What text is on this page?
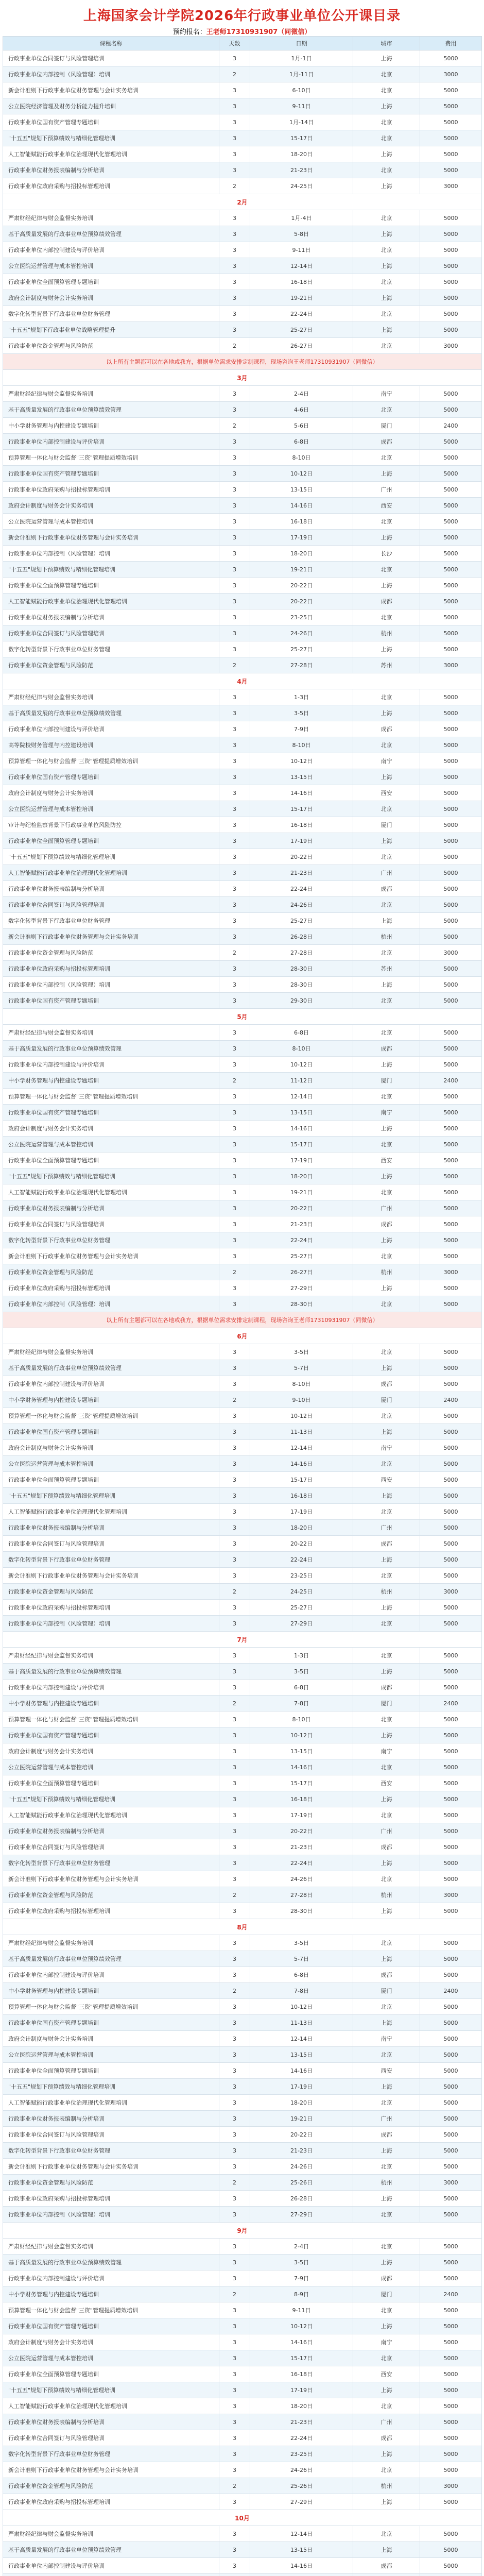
上海国家会计学院2026年行政事业单位公开课目录
预约报名：王老师17310931907（同微信）
课程名称	天数	日期	城市	费用
行政事业单位合同签订与风险管理培训	3	1月-1日	上海	5000
行政事业单位内部控制（风险管理）培训	2	1月-11日	北京	3000
新会计准则下行政事业单位财务管理与会计实务培训	3	6-10日	北京	5000
公立医院经济管理及财务分析能力提升培训	3	9-11日	上海	5000
行政事业单位国有资产管理专题培训	3	1月-14日	北京	5000
"十五五"规划下预算绩效与精细化管理培训	3	15-17日	北京	5000
人工智能赋能行政事业单位治理现代化管理培训	3	18-20日	上海	5000
行政事业单位财务报表编制与分析培训	3	21-23日	北京	5000
行政事业单位政府采购与招投标管理培训	2	24-25日	上海	3000
2月				
严肃财经纪律与财会监督实务培训	3	1月-4日	北京	5000
基于高质量发展的行政事业单位预算绩效管理	3	5-8日	上海	5000
行政事业单位内部控制建设与评价培训	3	9-11日	北京	5000
公立医院运营管理与成本管控培训	3	12-14日	上海	5000
行政事业单位全面预算管理专题培训	3	16-18日	北京	5000
政府会计制度与财务会计实务培训	3	19-21日	上海	5000
数字化转型背景下行政事业单位财务管理	3	22-24日	北京	5000
"十五五"规划下行政事业单位战略管理提升	3	25-27日	上海	5000
行政事业单位资金管理与风险防范	2	26-27日	北京	3000
以上所有主题都可以在各地或我方，根据单位需求安排定制课程，现场咨询王老师17310931907（同微信）				
3月				
严肃财经纪律与财会监督实务培训	3	2-4日	南宁	5000
基于高质量发展的行政事业单位预算绩效管理	3	4-6日	北京	5000
中小学财务管理与内控建设专题培训	2	5-6日	厦门	2400
行政事业单位内部控制建设与评价培训	3	6-8日	成都	5000
预算管理一体化与财会监督"三资"管理提质增效培训	3	8-10日	北京	5000
行政事业单位国有资产管理专题培训	3	10-12日	上海	5000
行政事业单位政府采购与招投标管理培训	3	13-15日	广州	5000
政府会计制度与财务会计实务培训	3	14-16日	西安	5000
公立医院运营管理与成本管控培训	3	16-18日	北京	5000
新会计准则下行政事业单位财务管理与会计实务培训	3	17-19日	上海	5000
行政事业单位内部控制（风险管理）培训	3	18-20日	长沙	5000
"十五五"规划下预算绩效与精细化管理培训	3	19-21日	北京	5000
行政事业单位全面预算管理专题培训	3	20-22日	上海	5000
人工智能赋能行政事业单位治理现代化管理培训	3	20-22日	成都	5000
行政事业单位财务报表编制与分析培训	3	23-25日	北京	5000
行政事业单位合同签订与风险管理培训	3	24-26日	杭州	5000
数字化转型背景下行政事业单位财务管理	3	25-27日	上海	5000
行政事业单位资金管理与风险防范	2	27-28日	苏州	3000
4月				
严肃财经纪律与财会监督实务培训	3	1-3日	北京	5000
基于高质量发展的行政事业单位预算绩效管理	3	3-5日	上海	5000
行政事业单位内部控制建设与评价培训	3	7-9日	成都	5000
高等院校财务管理与内控建设培训	3	8-10日	北京	5000
预算管理一体化与财会监督"三资"管理提质增效培训	3	10-12日	南宁	5000
行政事业单位国有资产管理专题培训	3	13-15日	上海	5000
政府会计制度与财务会计实务培训	3	14-16日	西安	5000
公立医院运营管理与成本管控培训	3	15-17日	北京	5000
审计与纪检监察背景下行政事业单位风险防控	3	16-18日	厦门	5000
行政事业单位全面预算管理专题培训	3	17-19日	上海	5000
"十五五"规划下预算绩效与精细化管理培训	3	20-22日	北京	5000
人工智能赋能行政事业单位治理现代化管理培训	3	21-23日	广州	5000
行政事业单位财务报表编制与分析培训	3	22-24日	成都	5000
行政事业单位合同签订与风险管理培训	3	24-26日	北京	5000
数字化转型背景下行政事业单位财务管理	3	25-27日	上海	5000
新会计准则下行政事业单位财务管理与会计实务培训	3	26-28日	杭州	5000
行政事业单位资金管理与风险防范	2	27-28日	北京	3000
行政事业单位政府采购与招投标管理培训	3	28-30日	苏州	5000
行政事业单位内部控制（风险管理）培训	3	28-30日	上海	5000
行政事业单位国有资产管理专题培训	3	29-30日	北京	5000
5月				
严肃财经纪律与财会监督实务培训	3	6-8日	北京	5000
基于高质量发展的行政事业单位预算绩效管理	3	8-10日	成都	5000
行政事业单位内部控制建设与评价培训	3	10-12日	上海	5000
中小学财务管理与内控建设专题培训	2	11-12日	厦门	2400
预算管理一体化与财会监督"三资"管理提质增效培训	3	12-14日	北京	5000
行政事业单位国有资产管理专题培训	3	13-15日	南宁	5000
政府会计制度与财务会计实务培训	3	14-16日	上海	5000
公立医院运营管理与成本管控培训	3	15-17日	北京	5000
行政事业单位全面预算管理专题培训	3	17-19日	西安	5000
"十五五"规划下预算绩效与精细化管理培训	3	18-20日	上海	5000
人工智能赋能行政事业单位治理现代化管理培训	3	19-21日	北京	5000
行政事业单位财务报表编制与分析培训	3	20-22日	广州	5000
行政事业单位合同签订与风险管理培训	3	21-23日	成都	5000
数字化转型背景下行政事业单位财务管理	3	22-24日	上海	5000
新会计准则下行政事业单位财务管理与会计实务培训	3	25-27日	北京	5000
行政事业单位资金管理与风险防范	2	26-27日	杭州	3000
行政事业单位政府采购与招投标管理培训	3	27-29日	上海	5000
行政事业单位内部控制（风险管理）培训	3	28-30日	北京	5000
以上所有主题都可以在各地或我方，根据单位需求安排定制课程，现场咨询王老师17310931907（同微信）				
6月				
严肃财经纪律与财会监督实务培训	3	3-5日	北京	5000
基于高质量发展的行政事业单位预算绩效管理	3	5-7日	上海	5000
行政事业单位内部控制建设与评价培训	3	8-10日	成都	5000
中小学财务管理与内控建设专题培训	2	9-10日	厦门	2400
预算管理一体化与财会监督"三资"管理提质增效培训	3	10-12日	北京	5000
行政事业单位国有资产管理专题培训	3	11-13日	上海	5000
政府会计制度与财务会计实务培训	3	12-14日	南宁	5000
公立医院运营管理与成本管控培训	3	14-16日	北京	5000
行政事业单位全面预算管理专题培训	3	15-17日	西安	5000
"十五五"规划下预算绩效与精细化管理培训	3	16-18日	上海	5000
人工智能赋能行政事业单位治理现代化管理培训	3	17-19日	北京	5000
行政事业单位财务报表编制与分析培训	3	18-20日	广州	5000
行政事业单位合同签订与风险管理培训	3	20-22日	成都	5000
数字化转型背景下行政事业单位财务管理	3	22-24日	上海	5000
新会计准则下行政事业单位财务管理与会计实务培训	3	23-25日	北京	5000
行政事业单位资金管理与风险防范	2	24-25日	杭州	3000
行政事业单位政府采购与招投标管理培训	3	25-27日	上海	5000
行政事业单位内部控制（风险管理）培训	3	27-29日	北京	5000
7月				
严肃财经纪律与财会监督实务培训	3	1-3日	北京	5000
基于高质量发展的行政事业单位预算绩效管理	3	3-5日	上海	5000
行政事业单位内部控制建设与评价培训	3	6-8日	成都	5000
中小学财务管理与内控建设专题培训	2	7-8日	厦门	2400
预算管理一体化与财会监督"三资"管理提质增效培训	3	8-10日	北京	5000
行政事业单位国有资产管理专题培训	3	10-12日	上海	5000
政府会计制度与财务会计实务培训	3	13-15日	南宁	5000
公立医院运营管理与成本管控培训	3	14-16日	北京	5000
行政事业单位全面预算管理专题培训	3	15-17日	西安	5000
"十五五"规划下预算绩效与精细化管理培训	3	16-18日	上海	5000
人工智能赋能行政事业单位治理现代化管理培训	3	17-19日	北京	5000
行政事业单位财务报表编制与分析培训	3	20-22日	广州	5000
行政事业单位合同签订与风险管理培训	3	21-23日	成都	5000
数字化转型背景下行政事业单位财务管理	3	22-24日	上海	5000
新会计准则下行政事业单位财务管理与会计实务培训	3	24-26日	北京	5000
行政事业单位资金管理与风险防范	2	27-28日	杭州	3000
行政事业单位政府采购与招投标管理培训	3	28-30日	上海	5000
8月				
严肃财经纪律与财会监督实务培训	3	3-5日	北京	5000
基于高质量发展的行政事业单位预算绩效管理	3	5-7日	上海	5000
行政事业单位内部控制建设与评价培训	3	6-8日	成都	5000
中小学财务管理与内控建设专题培训	2	7-8日	厦门	2400
预算管理一体化与财会监督"三资"管理提质增效培训	3	10-12日	北京	5000
行政事业单位国有资产管理专题培训	3	11-13日	上海	5000
政府会计制度与财务会计实务培训	3	12-14日	南宁	5000
公立医院运营管理与成本管控培训	3	13-15日	北京	5000
行政事业单位全面预算管理专题培训	3	14-16日	西安	5000
"十五五"规划下预算绩效与精细化管理培训	3	17-19日	上海	5000
人工智能赋能行政事业单位治理现代化管理培训	3	18-20日	北京	5000
行政事业单位财务报表编制与分析培训	3	19-21日	广州	5000
行政事业单位合同签订与风险管理培训	3	20-22日	成都	5000
数字化转型背景下行政事业单位财务管理	3	21-23日	上海	5000
新会计准则下行政事业单位财务管理与会计实务培训	3	24-26日	北京	5000
行政事业单位资金管理与风险防范	2	25-26日	杭州	3000
行政事业单位政府采购与招投标管理培训	3	26-28日	上海	5000
行政事业单位内部控制（风险管理）培训	3	27-29日	北京	5000
9月				
严肃财经纪律与财会监督实务培训	3	2-4日	北京	5000
基于高质量发展的行政事业单位预算绩效管理	3	3-5日	上海	5000
行政事业单位内部控制建设与评价培训	3	7-9日	成都	5000
中小学财务管理与内控建设专题培训	2	8-9日	厦门	2400
预算管理一体化与财会监督"三资"管理提质增效培训	3	9-11日	北京	5000
行政事业单位国有资产管理专题培训	3	10-12日	上海	5000
政府会计制度与财务会计实务培训	3	14-16日	南宁	5000
公立医院运营管理与成本管控培训	3	15-17日	北京	5000
行政事业单位全面预算管理专题培训	3	16-18日	西安	5000
"十五五"规划下预算绩效与精细化管理培训	3	17-19日	上海	5000
人工智能赋能行政事业单位治理现代化管理培训	3	18-20日	北京	5000
行政事业单位财务报表编制与分析培训	3	21-23日	广州	5000
行政事业单位合同签订与风险管理培训	3	22-24日	成都	5000
数字化转型背景下行政事业单位财务管理	3	23-25日	上海	5000
新会计准则下行政事业单位财务管理与会计实务培训	3	24-26日	北京	5000
行政事业单位资金管理与风险防范	2	25-26日	杭州	3000
行政事业单位政府采购与招投标管理培训	3	27-29日	上海	5000
10月				
严肃财经纪律与财会监督实务培训	3	12-14日	北京	5000
基于高质量发展的行政事业单位预算绩效管理	3	13-15日	上海	5000
行政事业单位内部控制建设与评价培训	3	14-16日	成都	5000
